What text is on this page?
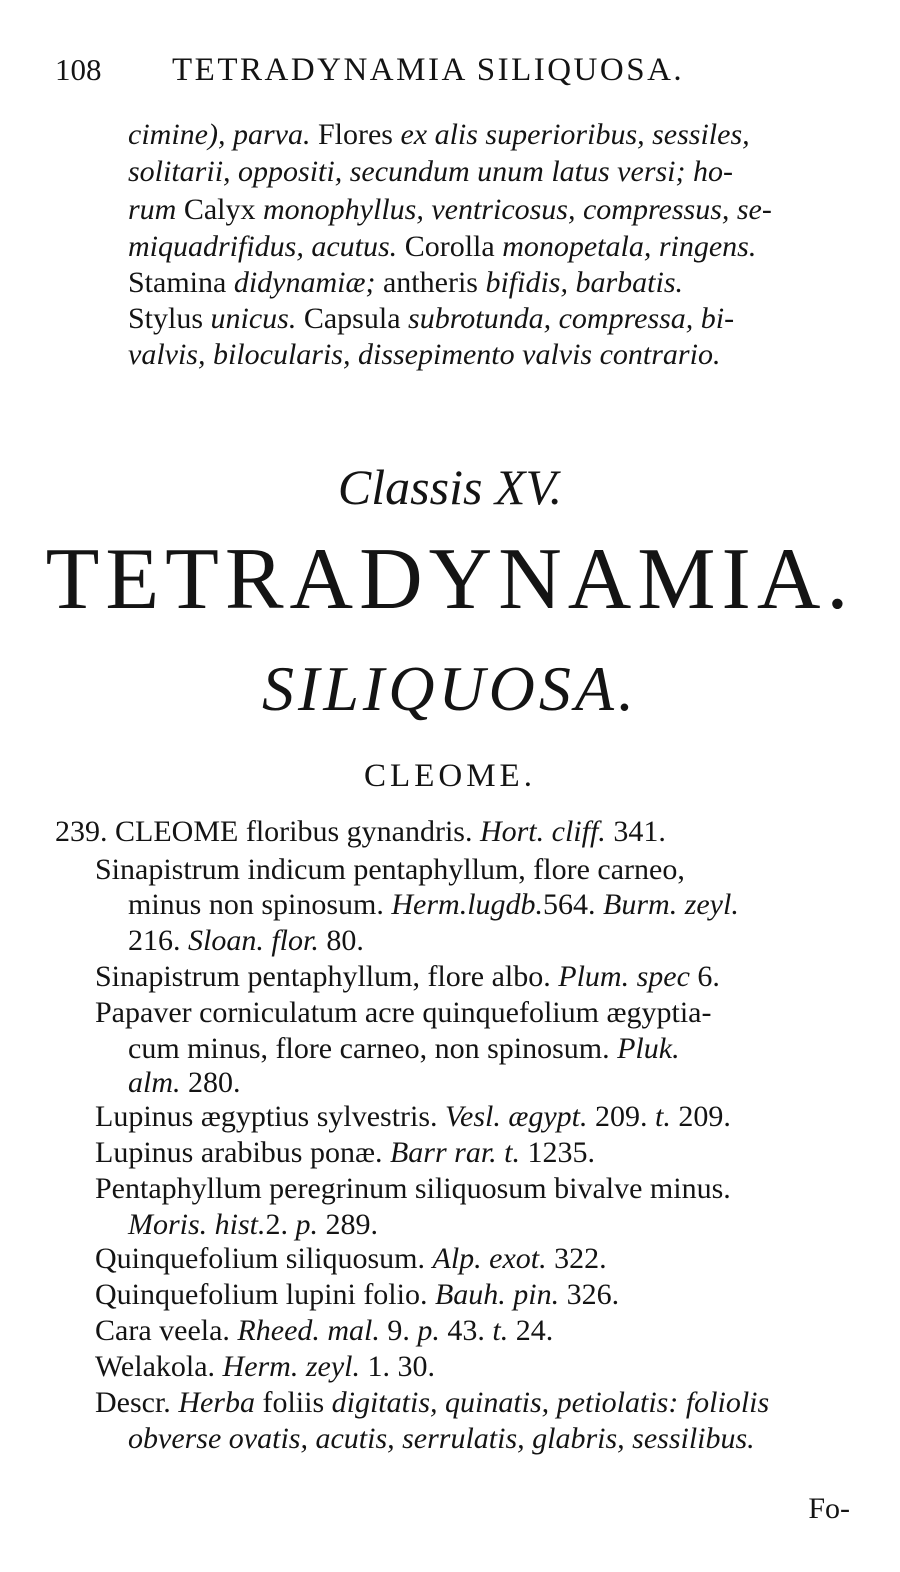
108 TETRADYNAMIA SILIQUOSA.
cimine), parva. Flores ex alis superioribus, sessiles,
solitarii, oppositi, secundum unum latus versi; ho-
rum Calyx monophyllus, ventricosus, compressus, se-
miquadrifidus, acutus. Corolla monopetala, ringens.
Stamina didynamiæ; antheris bifidis, barbatis.
Stylus unicus. Capsula subrotunda, compressa, bi-
valvis, bilocularis, dissepimento valvis contrario.
Classis XV.
TETRADYNAMIA.
SILIQUOSA.
CLEOME.
239. CLEOME floribus gynandris. Hort. cliff. 341.
Sinapistrum indicum pentaphyllum, flore carneo,
minus non spinosum. Herm.lugdb.564. Burm. zeyl.
216. Sloan. flor. 80.
Sinapistrum pentaphyllum, flore albo. Plum. spec 6.
Papaver corniculatum acre quinquefolium ægyptia-
cum minus, flore carneo, non spinosum. Pluk.
alm. 280.
Lupinus ægyptius sylvestris. Vesl. ægypt. 209. t. 209.
Lupinus arabibus ponæ. Barr rar. t. 1235.
Pentaphyllum peregrinum siliquosum bivalve minus.
Moris. hist.2. p. 289.
Quinquefolium siliquosum. Alp. exot. 322.
Quinquefolium lupini folio. Bauh. pin. 326.
Cara veela. Rheed. mal. 9. p. 43. t. 24.
Welakola. Herm. zeyl. 1. 30.
Descr. Herba foliis digitatis, quinatis, petiolatis: foliolis
obverse ovatis, acutis, serrulatis, glabris, sessilibus.
Fo-
